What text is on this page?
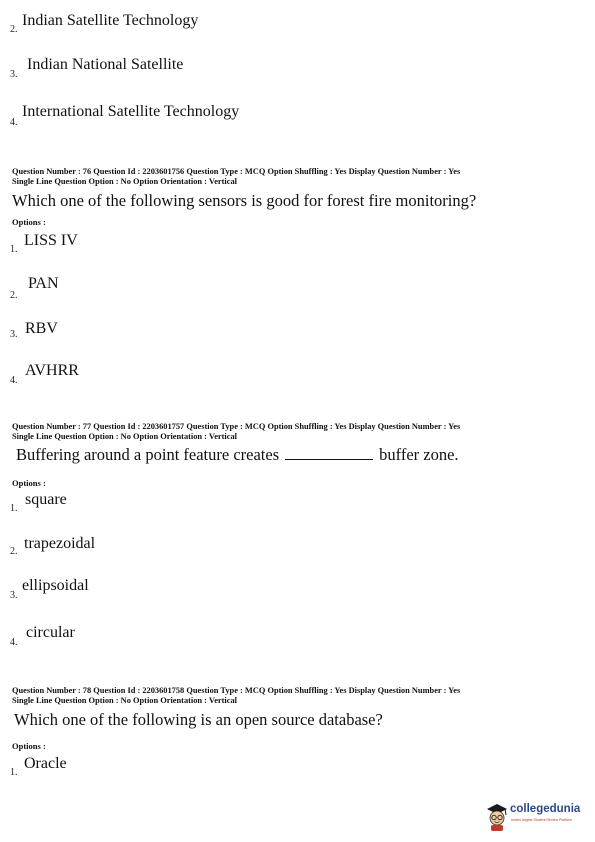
2.
Indian Satellite Technology
3.
Indian National Satellite
4.
International Satellite Technology
Question Number : 76 Question Id : 2203601756 Question Type : MCQ Option Shuffling : Yes Display Question Number : Yes
Single Line Question Option : No Option Orientation : Vertical
Which one of the following sensors is good for forest fire monitoring?
Options :
1.
LISS IV
2.
PAN
3. RBV
4.
AVHRR
Question Number : 77 Question Id : 2203601757 Question Type : MCQ Option Shuffling : Yes Display Question Number : Yes
Single Line Question Option : No Option Orientation : Vertical
Buffering around a point feature creates	buffer zone.
Options :
1.
square
2. trapezoidal
3.
ellipsoidal
4.
circular
Question Number : 78 Question Id : 2203601758 Question Type : MCQ Option Shuffling : Yes Display Question Number : Yes
Single Line Question Option : No Option Orientation : Vertical
Which one of the following is an open source database?
Options :
1.
Oracle
collegedunia
India's largest Student Review Platform
